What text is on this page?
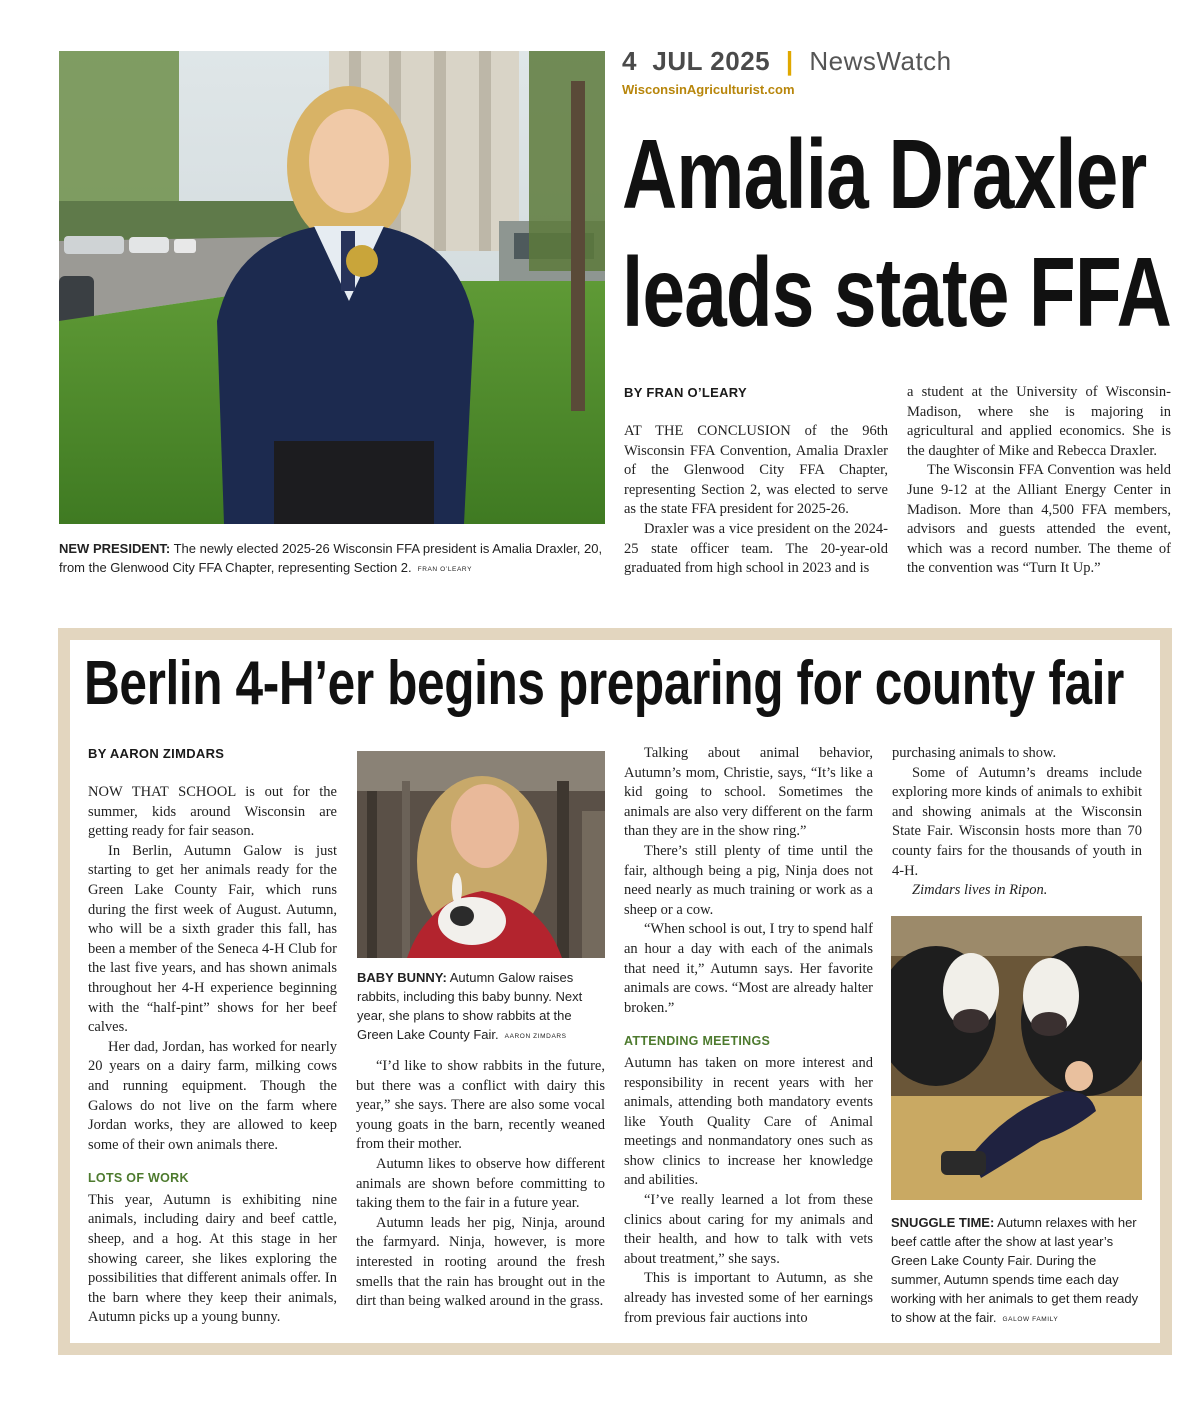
4 JUL 2025 | NewsWatch
WisconsinAgriculturist.com
NEW PRESIDENT: The newly elected 2025-26 Wisconsin FFA president is Amalia Draxler, 20, from the Glenwood City FFA Chapter, representing Section 2. FRAN O’LEARY
Amalia Draxler
leads state FFA
BY FRAN O’LEARY

AT THE CONCLUSION of the 96th Wisconsin FFA Convention, Amalia Draxler of the Glenwood City FFA Chapter, representing Section 2, was elected to serve as the state FFA president for 2025-26.

Draxler was a vice president on the 2024-25 state officer team. The 20-year-old graduated from high school in 2023 and is

a student at the University of Wisconsin-Madison, where she is majoring in agricultural and applied economics. She is the daughter of Mike and Rebecca Draxler.

The Wisconsin FFA Convention was held June 9-12 at the Alliant Energy Center in Madison. More than 4,500 FFA members, advisors and guests attended the event, which was a record number. The theme of the convention was “Turn It Up.”

Berlin 4-H’er begins preparing for county fair
BY AARON ZIMDARS

NOW THAT SCHOOL is out for the summer, kids around Wisconsin are getting ready for fair season.

In Berlin, Autumn Galow is just starting to get her animals ready for the Green Lake County Fair, which runs during the first week of August. Autumn, who will be a sixth grader this fall, has been a member of the Seneca 4-H Club for the last five years, and has shown animals throughout her 4-H experience beginning with the “half-pint” shows for her beef calves.

Her dad, Jordan, has worked for nearly 20 years on a dairy farm, milking cows and running equipment. Though the Galows do not live on the farm where Jordan works, they are allowed to keep some of their own animals there.

LOTS OF WORK

This year, Autumn is exhibiting nine animals, including dairy and beef cattle, sheep, and a hog. At this stage in her showing career, she likes exploring the possibilities that different animals offer. In the barn where they keep their animals, Autumn picks up a young bunny.

BABY BUNNY: Autumn Galow raises rabbits, including this baby bunny. Next year, she plans to show rabbits at the Green Lake County Fair. AARON ZIMDARS

“I’d like to show rabbits in the future, but there was a conflict with dairy this year,” she says. There are also some vocal young goats in the barn, recently weaned from their mother.

Autumn likes to observe how different animals are shown before committing to taking them to the fair in a future year.

Autumn leads her pig, Ninja, around the farmyard. Ninja, however, is more interested in rooting around the fresh smells that the rain has brought out in the dirt than being walked around in the grass.

Talking about animal behavior, Autumn’s mom, Christie, says, “It’s like a kid going to school. Sometimes the animals are also very different on the farm than they are in the show ring.”

There’s still plenty of time until the fair, although being a pig, Ninja does not need nearly as much training or work as a sheep or a cow.

“When school is out, I try to spend half an hour a day with each of the animals that need it,” Autumn says. Her favorite animals are cows. “Most are already halter broken.”

ATTENDING MEETINGS

Autumn has taken on more interest and responsibility in recent years with her animals, attending both mandatory events like Youth Quality Care of Animal meetings and nonmandatory ones such as show clinics to increase her knowledge and abilities.

“I’ve really learned a lot from these clinics about caring for my animals and their health, and how to talk with vets about treatment,” she says.

This is important to Autumn, as she already has invested some of her earnings from previous fair auctions into

purchasing animals to show.

Some of Autumn’s dreams include exploring more kinds of animals to exhibit and showing animals at the Wisconsin State Fair. Wisconsin hosts more than 70 county fairs for the thousands of youth in 4-H.

Zimdars lives in Ripon.

SNUGGLE TIME: Autumn relaxes with her beef cattle after the show at last year’s Green Lake County Fair. During the summer, Autumn spends time each day working with her animals to get them ready to show at the fair. GALOW FAMILY
